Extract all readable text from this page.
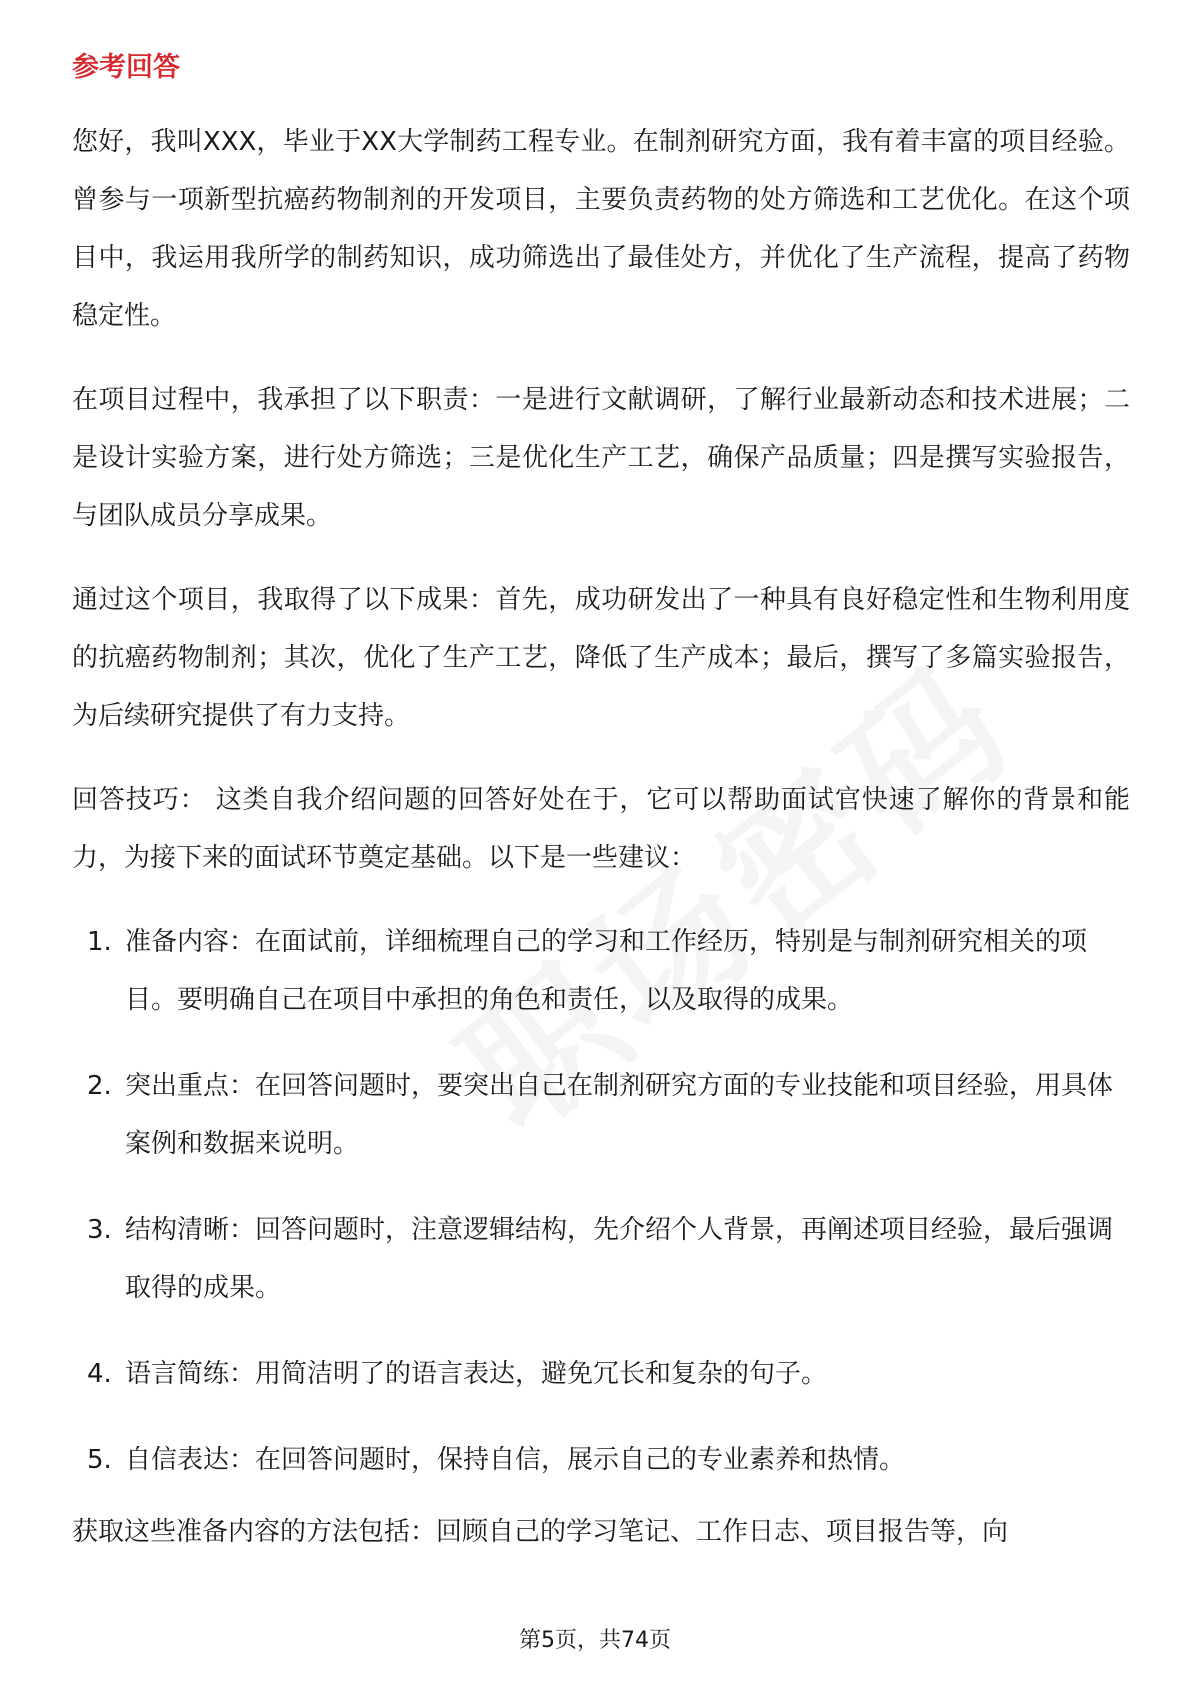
参考回答

您好，我叫XXX，毕业于XX大学制药工程专业。在制剂研究方面，我有着丰富的项目经验。曾参与一项新型抗癌药物制剂的开发项目，主要负责药物的处方筛选和工艺优化。在这个项目中，我运用我所学的制药知识，成功筛选出了最佳处方，并优化了生产流程，提高了药物稳定性。

在项目过程中，我承担了以下职责：一是进行文献调研，了解行业最新动态和技术进展；二是设计实验方案，进行处方筛选；三是优化生产工艺，确保产品质量；四是撰写实验报告，与团队成员分享成果。

通过这个项目，我取得了以下成果：首先，成功研发出了一种具有良好稳定性和生物利用度的抗癌药物制剂；其次，优化了生产工艺，降低了生产成本；最后，撰写了多篇实验报告，为后续研究提供了有力支持。

回答技巧： 这类自我介绍问题的回答好处在于，它可以帮助面试官快速了解你的背景和能力，为接下来的面试环节奠定基础。以下是一些建议：

1. 准备内容：在面试前，详细梳理自己的学习和工作经历，特别是与制剂研究相关的项目。要明确自己在项目中承担的角色和责任，以及取得的成果。
2. 突出重点：在回答问题时，要突出自己在制剂研究方面的专业技能和项目经验，用具体案例和数据来说明。
3. 结构清晰：回答问题时，注意逻辑结构，先介绍个人背景，再阐述项目经验，最后强调取得的成果。
4. 语言简练：用简洁明了的语言表达，避免冗长和复杂的句子。
5. 自信表达：在回答问题时，保持自信，展示自己的专业素养和热情。

获取这些准备内容的方法包括：回顾自己的学习笔记、工作日志、项目报告等，向

第5页，共74页
